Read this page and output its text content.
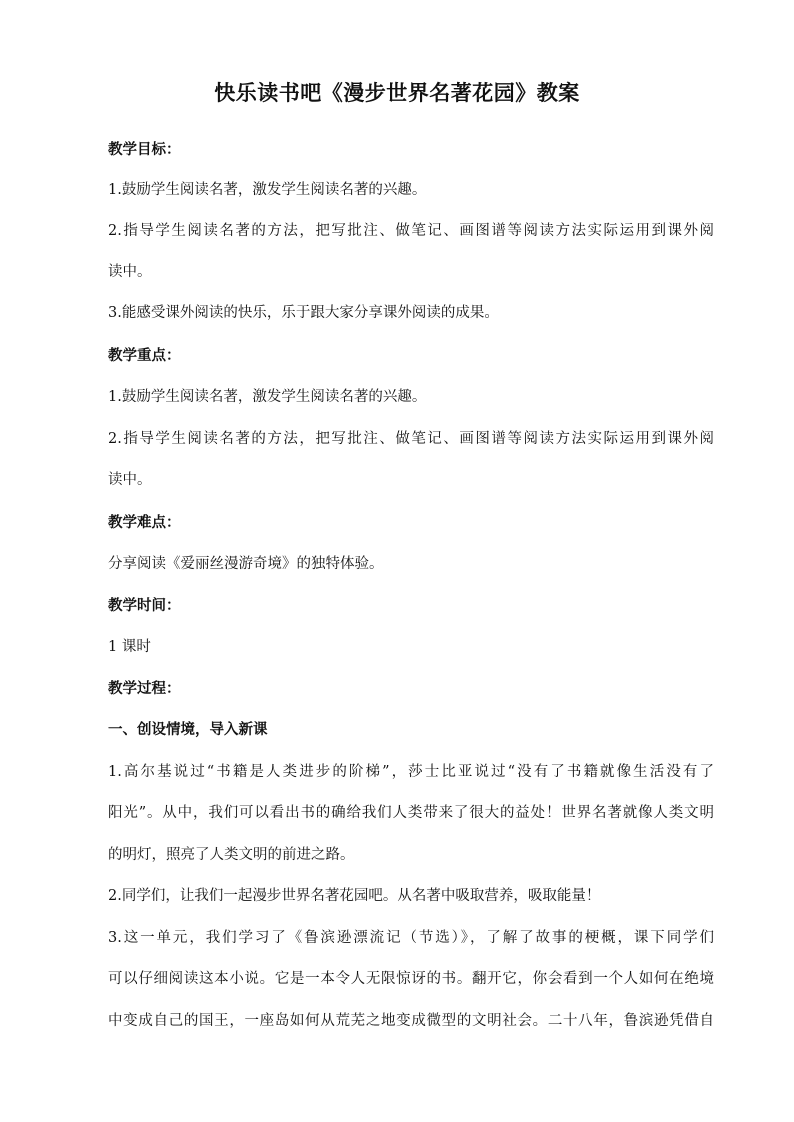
快乐读书吧《漫步世界名著花园》教案
教学目标：
1.鼓励学生阅读名著，激发学生阅读名著的兴趣。
2.指导学生阅读名著的方法，把写批注、做笔记、画图谱等阅读方法实际运用到课外阅
读中。
3.能感受课外阅读的快乐，乐于跟大家分享课外阅读的成果。
教学重点：
1.鼓励学生阅读名著，激发学生阅读名著的兴趣。
2.指导学生阅读名著的方法，把写批注、做笔记、画图谱等阅读方法实际运用到课外阅
读中。
教学难点：
分享阅读《爱丽丝漫游奇境》的独特体验。
教学时间：
1 课时
教学过程：
一、创设情境，导入新课
1.高尔基说过“书籍是人类进步的阶梯”，莎士比亚说过“没有了书籍就像生活没有了
阳光”。从中，我们可以看出书的确给我们人类带来了很大的益处！世界名著就像人类文明
的明灯，照亮了人类文明的前进之路。
2.同学们，让我们一起漫步世界名著花园吧。从名著中吸取营养，吸取能量！
3.这一单元，我们学习了《鲁滨逊漂流记（节选）》，了解了故事的梗概，课下同学们
可以仔细阅读这本小说。它是一本令人无限惊讶的书。翻开它，你会看到一个人如何在绝境
中变成自己的国王，一座岛如何从荒芜之地变成微型的文明社会。二十八年，鲁滨逊凭借自
